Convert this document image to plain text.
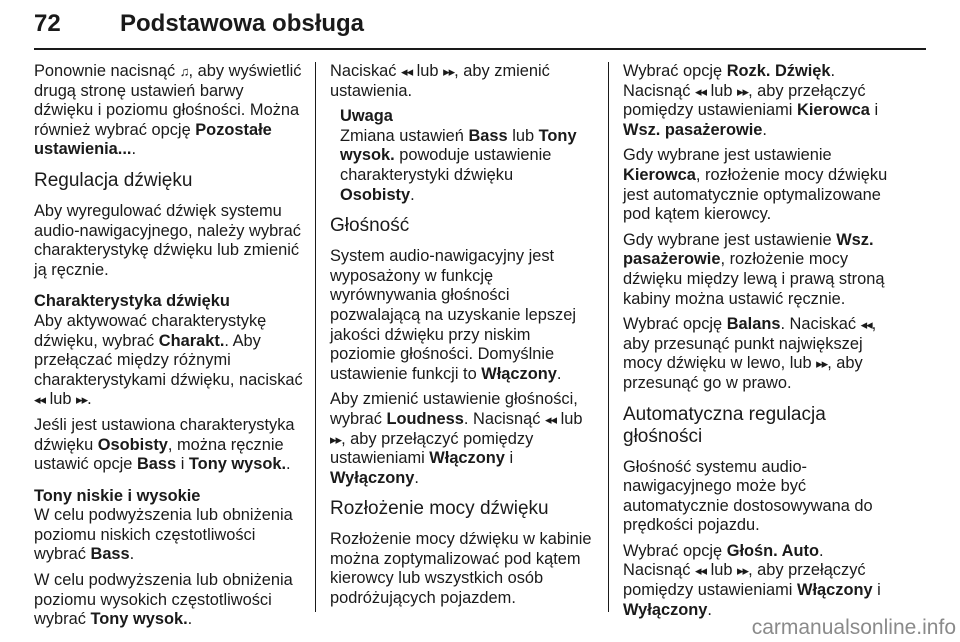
72 Podstawowa obsługa

Ponownie nacisnąć ♫, aby wyświetlić drugą stronę ustawień barwy dźwięku i poziomu głośności. Można również wybrać opcję Pozostałe ustawienia....

Regulacja dźwięku

Aby wyregulować dźwięk systemu audio-nawigacyjnego, należy wybrać charakterystykę dźwięku lub zmienić ją ręcznie.

Charakterystyka dźwięku

Aby aktywować charakterystykę dźwięku, wybrać Charakt.. Aby przełączać między różnymi charakterystykami dźwięku, naciskać ◂◂ lub ▸▸.

Jeśli jest ustawiona charakterystyka dźwięku Osobisty, można ręcznie ustawić opcje Bass i Tony wysok..

Tony niskie i wysokie

W celu podwyższenia lub obniżenia poziomu niskich częstotliwości wybrać Bass.

W celu podwyższenia lub obniżenia poziomu wysokich częstotliwości wybrać Tony wysok..

Naciskać ◂◂ lub ▸▸, aby zmienić ustawienia.

Uwaga
Zmiana ustawień Bass lub Tony wysok. powoduje ustawienie charakterystyki dźwięku Osobisty.
Głośność

System audio-nawigacyjny jest wyposażony w funkcję wyrównywania głośności pozwalającą na uzyskanie lepszej jakości dźwięku przy niskim poziomie głośności. Domyślnie ustawienie funkcji to Włączony.

Aby zmienić ustawienie głośności, wybrać Loudness. Nacisnąć ◂◂ lub ▸▸, aby przełączyć pomiędzy ustawieniami Włączony i Wyłączony.

Rozłożenie mocy dźwięku

Rozłożenie mocy dźwięku w kabinie można zoptymalizować pod kątem kierowcy lub wszystkich osób podróżujących pojazdem.

Wybrać opcję Rozk. Dźwięk. Nacisnąć ◂◂ lub ▸▸, aby przełączyć pomiędzy ustawieniami Kierowca i Wsz. pasażerowie.

Gdy wybrane jest ustawienie Kierowca, rozłożenie mocy dźwięku jest automatycznie optymalizowane pod kątem kierowcy.

Gdy wybrane jest ustawienie Wsz. pasażerowie, rozłożenie mocy dźwięku między lewą i prawą stroną kabiny można ustawić ręcznie.

Wybrać opcję Balans. Naciskać ◂◂, aby przesunąć punkt największej mocy dźwięku w lewo, lub ▸▸, aby przesunąć go w prawo.

Automatyczna regulacja głośności

Głośność systemu audio-nawigacyjnego może być automatycznie dostosowywana do prędkości pojazdu.

Wybrać opcję Głośn. Auto. Nacisnąć ◂◂ lub ▸▸, aby przełączyć pomiędzy ustawieniami Włączony i Wyłączony.

carmanualsonline.info
